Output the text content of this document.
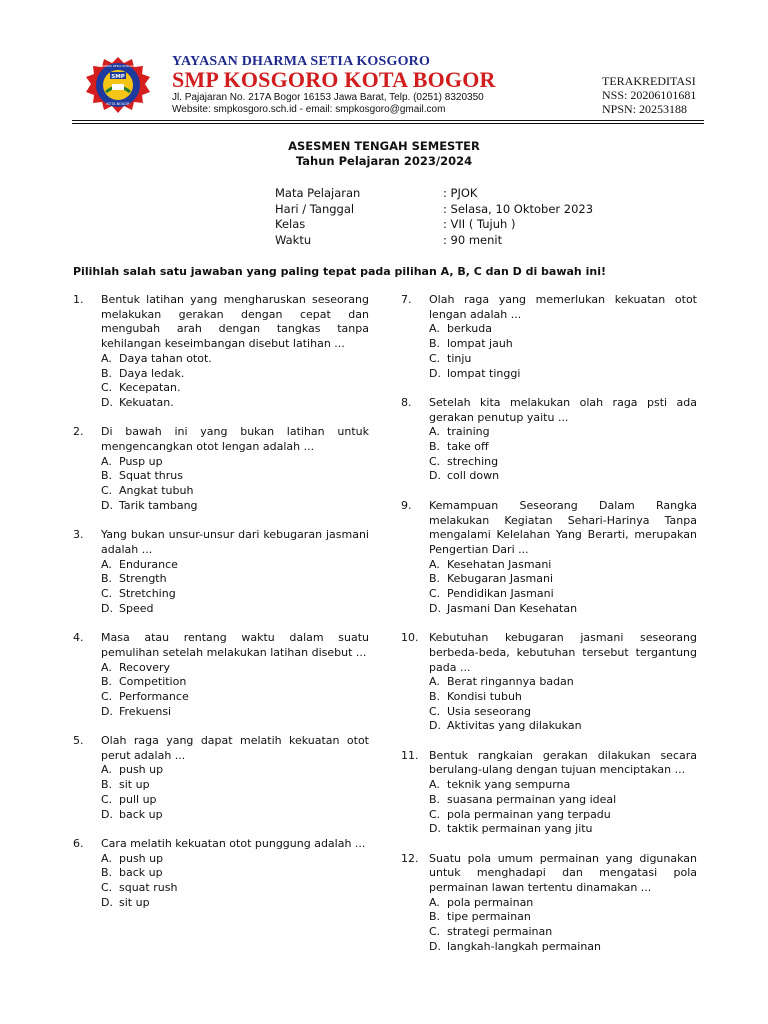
SMP
DHARMA SETIA KOSGORO
KOTA BOGOR
YAYASAN DHARMA SETIA KOSGORO
SMP KOSGORO KOTA BOGOR
Jl. Pajajaran No. 217A Bogor 16153 Jawa Barat, Telp. (0251) 8320350
Website: smpkosgoro.sch.id - email: smpkosgoro@gmail.com
TERAKREDITASI
NSS: 20206101681
NPSN: 20253188
ASESMEN TENGAH SEMESTER
Tahun Pelajaran 2023/2024
Mata Pelajaran	: PJOK
Hari / Tanggal	: Selasa, 10 Oktober 2023
Kelas	: VII ( Tujuh )
Waktu	: 90 menit
Pilihlah salah satu jawaban yang paling tepat pada pilihan A, B, C dan D di bawah ini!
1. Bentuk latihan yang mengharuskan seseorang melakukan gerakan dengan cepat dan mengubah arah dengan tangkas tanpa kehilangan keseimbangan disebut latihan ...
A. Daya tahan otot.
B. Daya ledak.
C. Kecepatan.
D. Kekuatan.
2. Di bawah ini yang bukan latihan untuk mengencangkan otot lengan adalah ...
A. Pusp up
B. Squat thrus
C. Angkat tubuh
D. Tarik tambang
3. Yang bukan unsur-unsur dari kebugaran jasmani adalah ...
A. Endurance
B. Strength
C. Stretching
D. Speed
4. Masa atau rentang waktu dalam suatu pemulihan setelah melakukan latihan disebut ...
A. Recovery
B. Competition
C. Performance
D. Frekuensi
5. Olah raga yang dapat melatih kekuatan otot perut adalah ...
A. push up
B. sit up
C. pull up
D. back up
6. Cara melatih kekuatan otot punggung adalah ...
A. push up
B. back up
C. squat rush
D. sit up
7. Olah raga yang memerlukan kekuatan otot lengan adalah ...
A. berkuda
B. lompat jauh
C. tinju
D. lompat tinggi
8. Setelah kita melakukan olah raga psti ada gerakan penutup yaitu ...
A. training
B. take off
C. streching
D. coll down
9. Kemampuan Seseorang Dalam Rangka melakukan Kegiatan Sehari-Harinya Tanpa mengalami Kelelahan Yang Berarti, merupakan Pengertian Dari ...
A. Kesehatan Jasmani
B. Kebugaran Jasmani
C. Pendidikan Jasmani
D. Jasmani Dan Kesehatan
10. Kebutuhan kebugaran jasmani seseorang berbeda-beda, kebutuhan tersebut tergantung pada ...
A. Berat ringannya badan
B. Kondisi tubuh
C. Usia seseorang
D. Aktivitas yang dilakukan
11. Bentuk rangkaian gerakan dilakukan secara berulang-ulang dengan tujuan menciptakan ...
A. teknik yang sempurna
B. suasana permainan yang ideal
C. pola permainan yang terpadu
D. taktik permainan yang jitu
12. Suatu pola umum permainan yang digunakan untuk menghadapi dan mengatasi pola permainan lawan tertentu dinamakan ...
A. pola permainan
B. tipe permainan
C. strategi permainan
D. langkah-langkah permainan
